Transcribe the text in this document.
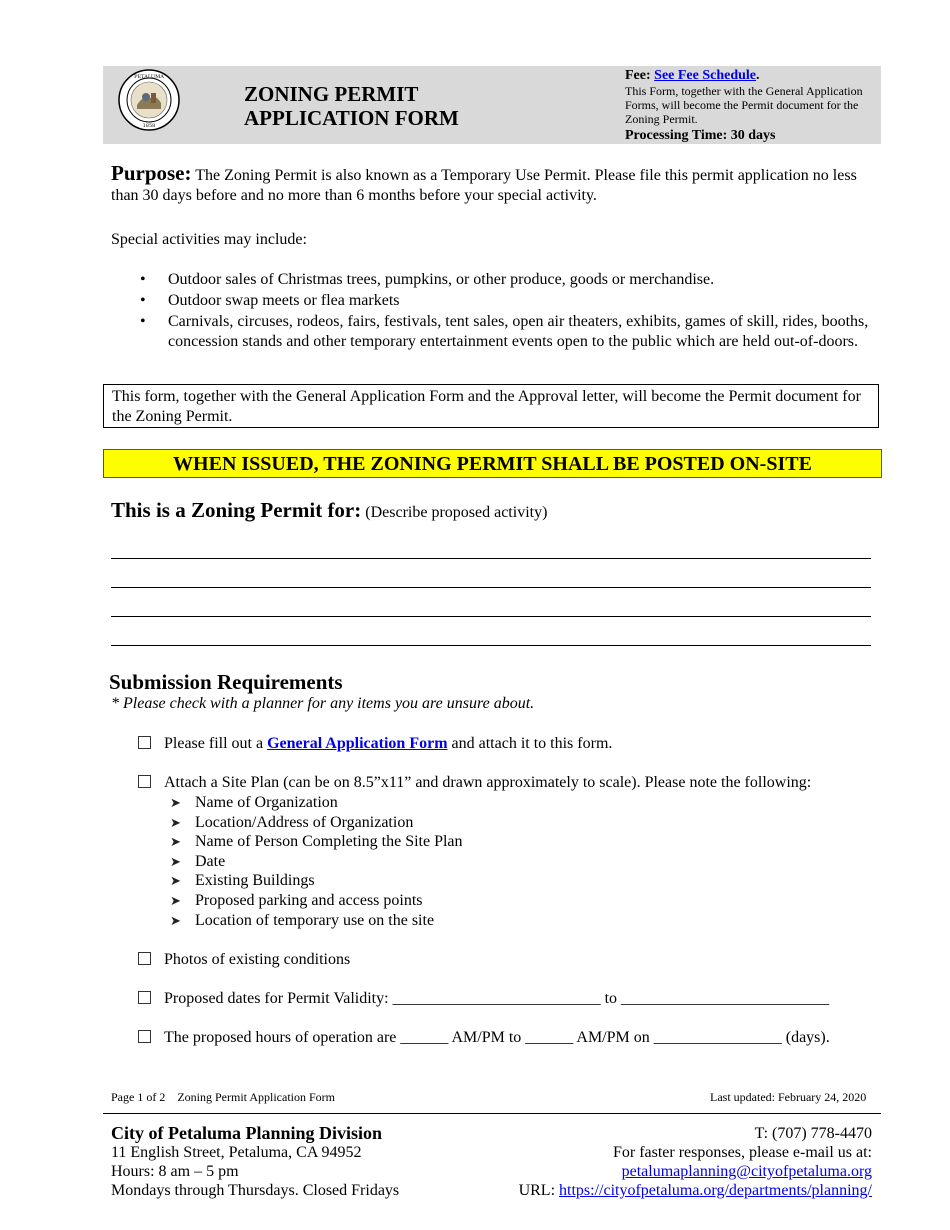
PETALUMA
1858
ZONING PERMIT
APPLICATION FORM
Fee: See Fee Schedule.
This Form, together with the General Application Forms, will become the Permit document for the Zoning Permit.
Processing Time: 30 days
Purpose: The Zoning Permit is also known as a Temporary Use Permit. Please file this permit application no less than 30 days before and no more than 6 months before your special activity.
Special activities may include:
• Outdoor sales of Christmas trees, pumpkins, or other produce, goods or merchandise.
• Outdoor swap meets or flea markets
• Carnivals, circuses, rodeos, fairs, festivals, tent sales, open air theaters, exhibits, games of skill, rides, booths, concession stands and other temporary entertainment events open to the public which are held out-of-doors.
This form, together with the General Application Form and the Approval letter, will become the Permit document for the Zoning Permit.
WHEN ISSUED, THE ZONING PERMIT SHALL BE POSTED ON-SITE
This is a Zoning Permit for: (Describe proposed activity)
Submission Requirements
* Please check with a planner for any items you are unsure about.
Please fill out a General Application Form and attach it to this form.
Attach a Site Plan (can be on 8.5”x11” and drawn approximately to scale). Please note the following:
➤ Name of Organization
➤ Location/Address of Organization
➤ Name of Person Completing the Site Plan
➤ Date
➤ Existing Buildings
➤ Proposed parking and access points
➤ Location of temporary use on the site
Photos of existing conditions
Proposed dates for Permit Validity: __________________________ to __________________________
The proposed hours of operation are ______ AM/PM to ______ AM/PM on ________________ (days).
Page 1 of 2 Zoning Permit Application Form	Last updated: February 24, 2020
City of Petaluma Planning Division
11 English Street, Petaluma, CA 94952
Hours: 8 am – 5 pm
Mondays through Thursdays. Closed Fridays
T: (707) 778-4470
For faster responses, please e-mail us at:
petalumaplanning@cityofpetaluma.org
URL: https://cityofpetaluma.org/departments/planning/
